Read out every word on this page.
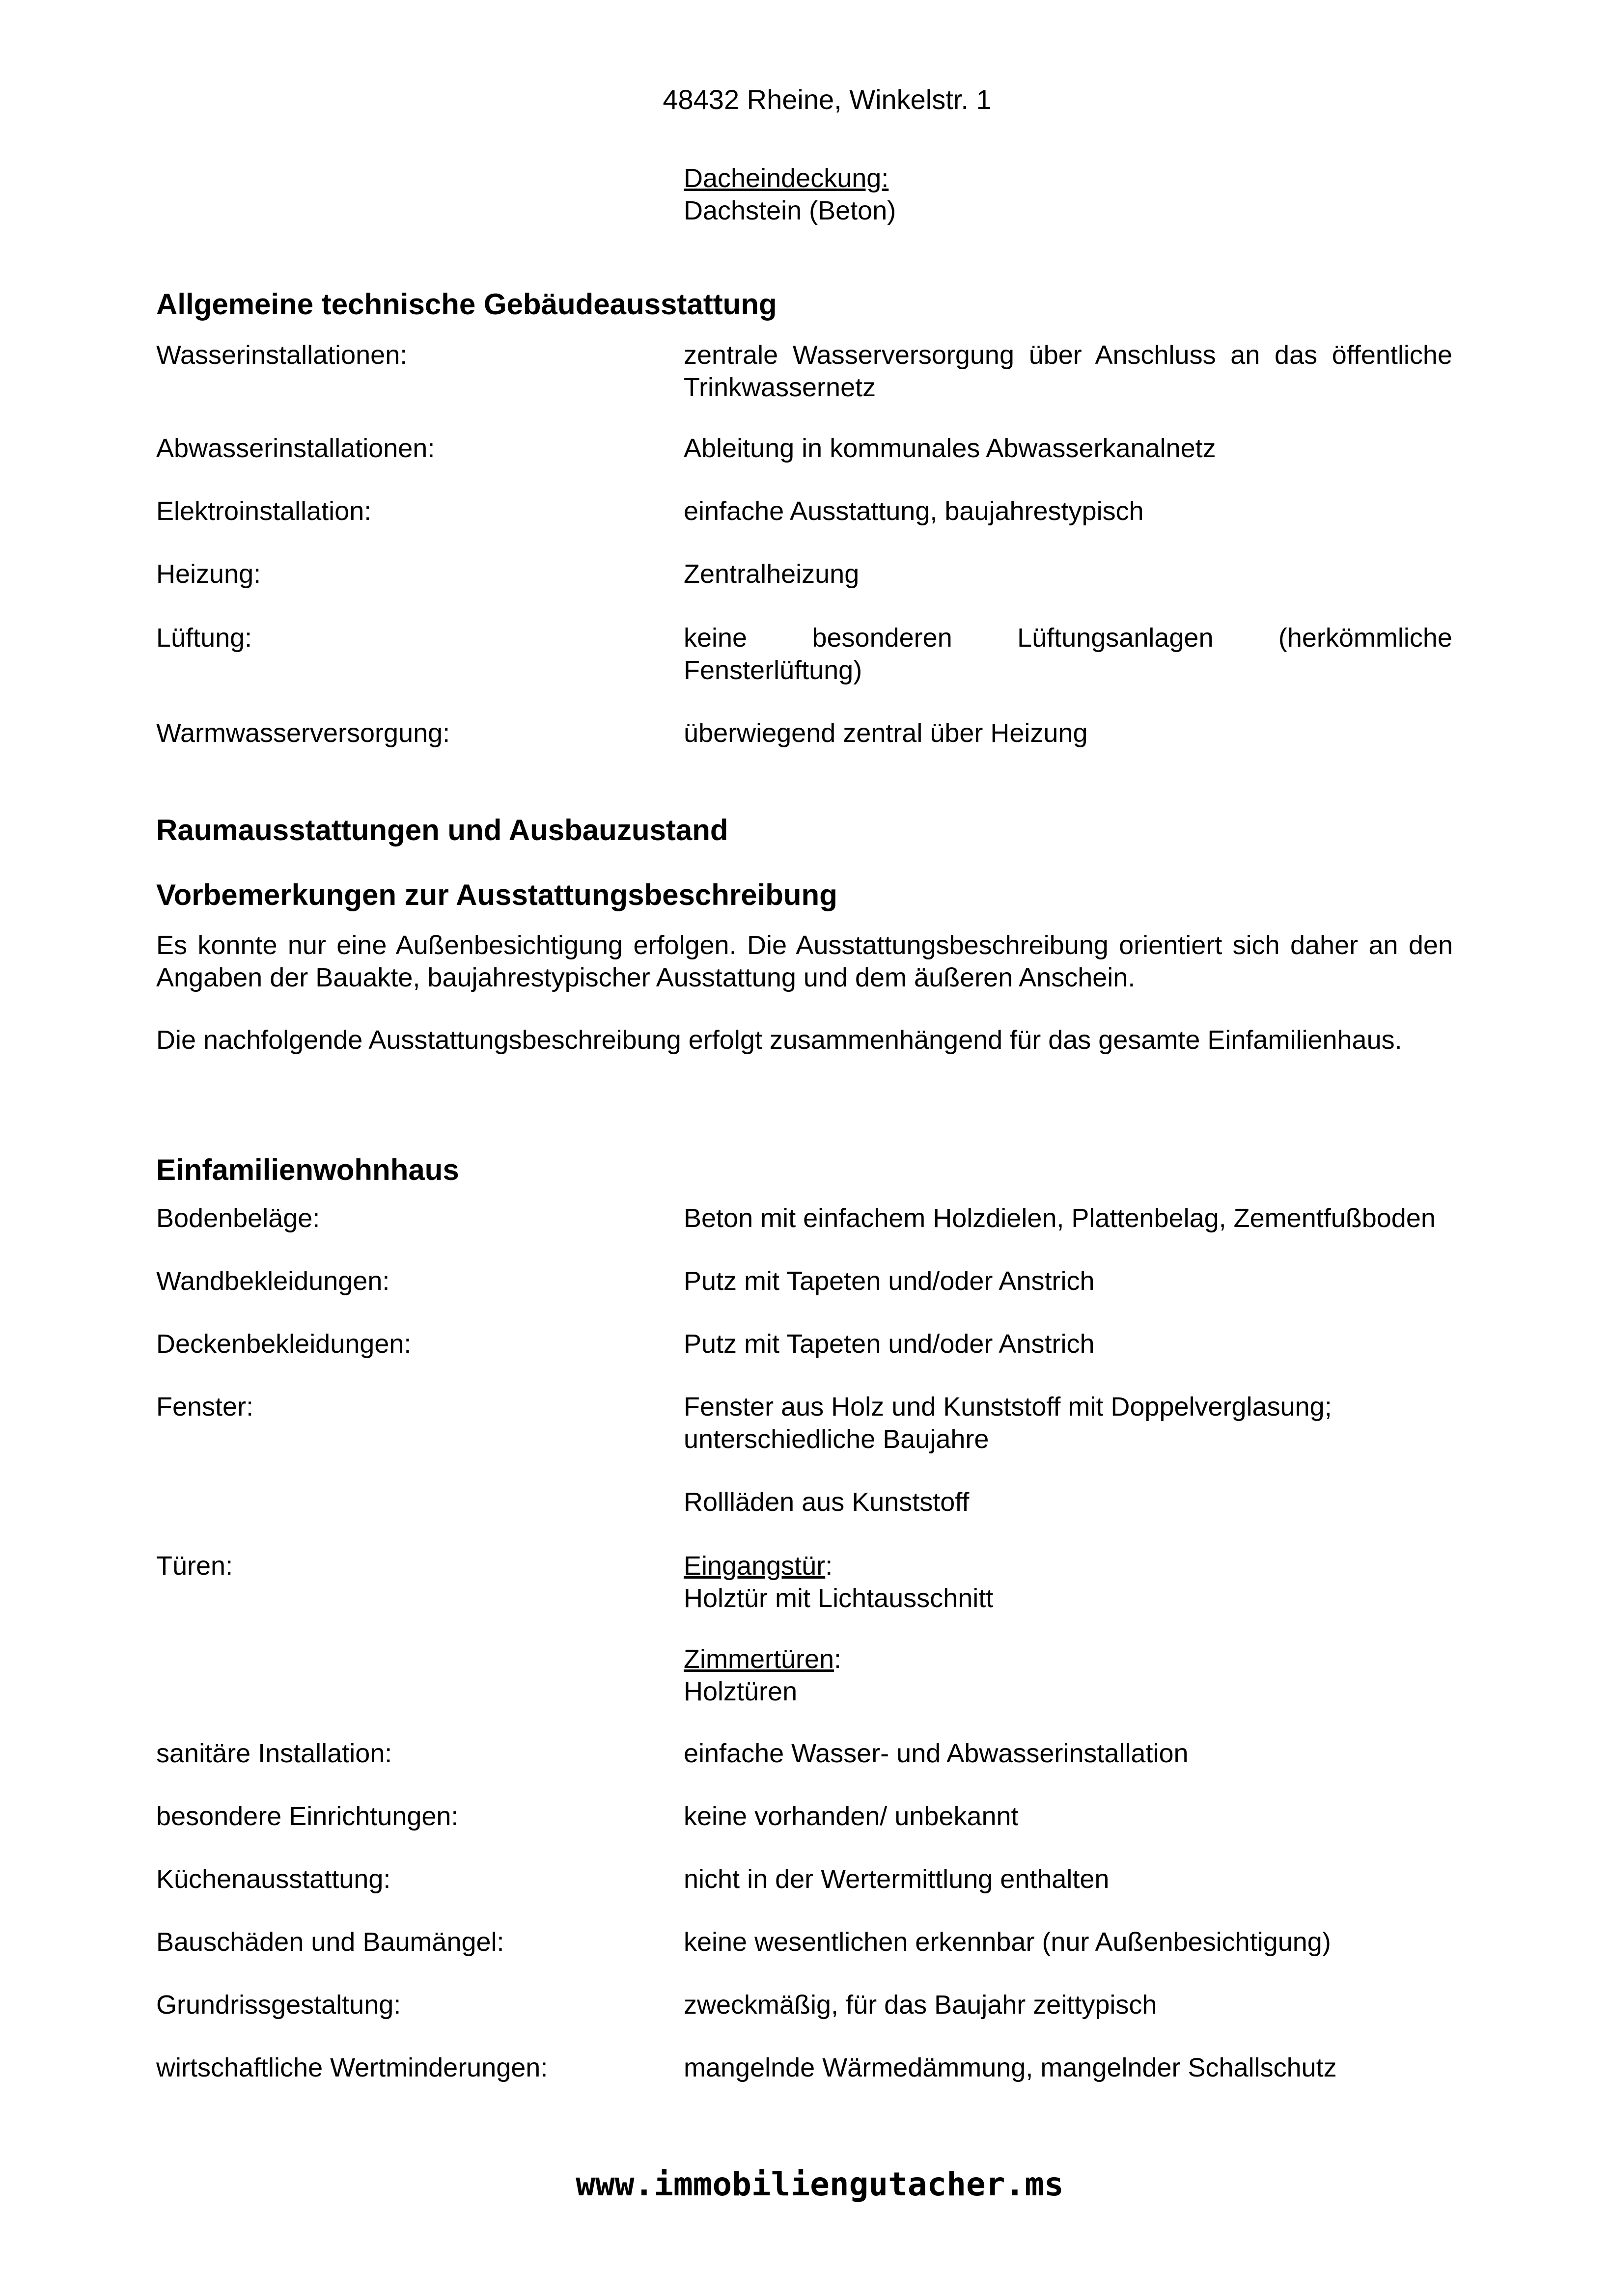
48432 Rheine, Winkelstr. 1
Dacheindeckung:
Dachstein (Beton)
Allgemeine technische Gebäudeausstattung
Wasserinstallationen:	zentrale Wasserversorgung über Anschluss an das öffentliche Trinkwassernetz
Abwasserinstallationen:	Ableitung in kommunales Abwasserkanalnetz
Elektroinstallation:	einfache Ausstattung, baujahrestypisch
Heizung:	Zentralheizung
Lüftung:	keine besonderen Lüftungsanlagen (herkömmliche
Fensterlüftung)
Warmwasserversorgung:	überwiegend zentral über Heizung
Raumausstattungen und Ausbauzustand
Vorbemerkungen zur Ausstattungsbeschreibung
Es konnte nur eine Außenbesichtigung erfolgen. Die Ausstattungsbeschreibung orientiert sich daher an den Angaben der Bauakte, baujahrestypischer Ausstattung und dem äußeren Anschein.
Die nachfolgende Ausstattungsbeschreibung erfolgt zusammenhängend für das gesamte Einfamilienhaus.
Einfamilienwohnhaus
Bodenbeläge:	Beton mit einfachem Holzdielen, Plattenbelag, Zementfußboden
Wandbekleidungen:	Putz mit Tapeten und/oder Anstrich
Deckenbekleidungen:	Putz mit Tapeten und/oder Anstrich
Fenster:	Fenster aus Holz und Kunststoff mit Doppelverglasung;
unterschiedliche Baujahre
Rollläden aus Kunststoff
Türen:	Eingangstür:
Holztür mit Lichtausschnitt
Zimmertüren:
Holztüren
sanitäre Installation:	einfache Wasser- und Abwasserinstallation
besondere Einrichtungen:	keine vorhanden/ unbekannt
Küchenausstattung:	nicht in der Wertermittlung enthalten
Bauschäden und Baumängel:	keine wesentlichen erkennbar (nur Außenbesichtigung)
Grundrissgestaltung:	zweckmäßig, für das Baujahr zeittypisch
wirtschaftliche Wertminderungen:	mangelnde Wärmedämmung, mangelnder Schallschutz
www.immobiliengutacher.ms
